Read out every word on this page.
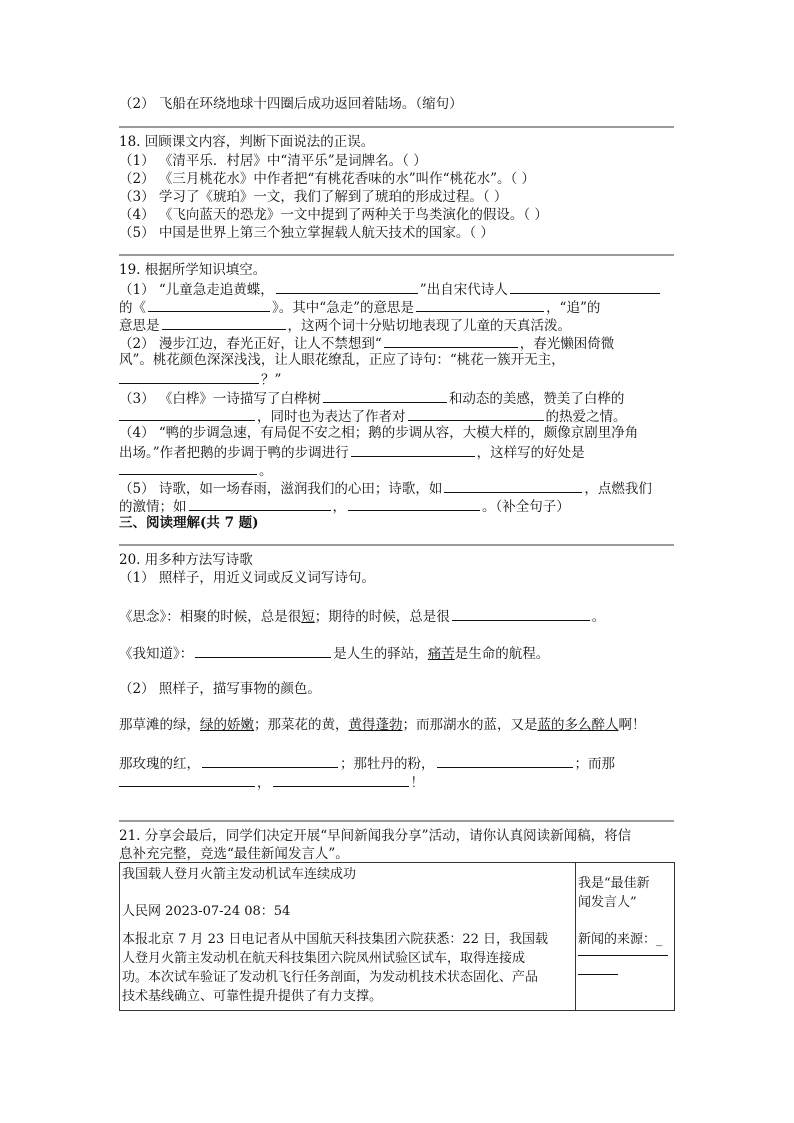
（2） 飞船在环绕地球十四圈后成功返回着陆场。（缩句）
18. 回顾课文内容，判断下面说法的正误。
（1） 《清平乐．村居》中“清平乐”是词牌名。（ ）
（2） 《三月桃花水》中作者把“有桃花香味的水”叫作“桃花水”。（ ）
（3） 学习了《琥珀》一文，我们了解到了琥珀的形成过程。（ ）
（4） 《飞向蓝天的恐龙》一文中提到了两种关于鸟类演化的假设。（ ）
（5） 中国是世界上第三个独立掌握载人航天技术的国家。（ ）
19. 根据所学知识填空。
（1） “儿童急走追黄蝶，	”出自宋代诗人
的《	》。其中“急走”的意思是	，“追”的
意思是	，这两个词十分贴切地表现了儿童的天真活泼。
（2） 漫步江边，春光正好，让人不禁想到“	，春光懒困倚微
风”。桃花颜色深深浅浅，让人眼花缭乱，正应了诗句：“桃花一簇开无主，
？”
（3） 《白桦》一诗描写了白桦树	和动态的美感，赞美了白桦的
，同时也为表达了作者对	的热爱之情。
（4） “鸭的步调急速，有局促不安之相；鹅的步调从容，大模大样的，颇像京剧里净角
出场。”作者把鹅的步调于鸭的步调进行	，这样写的好处是
。
（5） 诗歌，如一场春雨，滋润我们的心田；诗歌，如	，点燃我们
的激情；如	，	。（补全句子）
三、阅读理解(共 7 题)
20. 用多种方法写诗歌
（1） 照样子，用近义词或反义词写诗句。
《思念》：相聚的时候，总是很短；期待的时候，总是很	。
《我知道》：	是人生的驿站，痛苦是生命的航程。
（2） 照样子，描写事物的颜色。
那草滩的绿，绿的娇嫩；那菜花的黄，黄得蓬勃；而那湖水的蓝，又是蓝的多么醉人啊！
那玫瑰的红，	；那牡丹的粉，	；而那
，	！
21. 分享会最后，同学们决定开展“早间新闻我分享”活动，请你认真阅读新闻稿，将信
息补充完整，竞选“最佳新闻发言人”。
我国载人登月火箭主发动机试车连续成功
人民网 2023-07-24 08：54
本报北京 7 月 23 日电记者从中国航天科技集团六院获悉：22 日，我国载
人登月火箭主发动机在航天科技集团六院凤州试验区试车，取得连接成
功。本次试车验证了发动机飞行任务剖面，为发动机技术状态固化、产品
技术基线确立、可靠性提升提供了有力支撑。

我是“最佳新
闻发言人”
新闻的来源：_
